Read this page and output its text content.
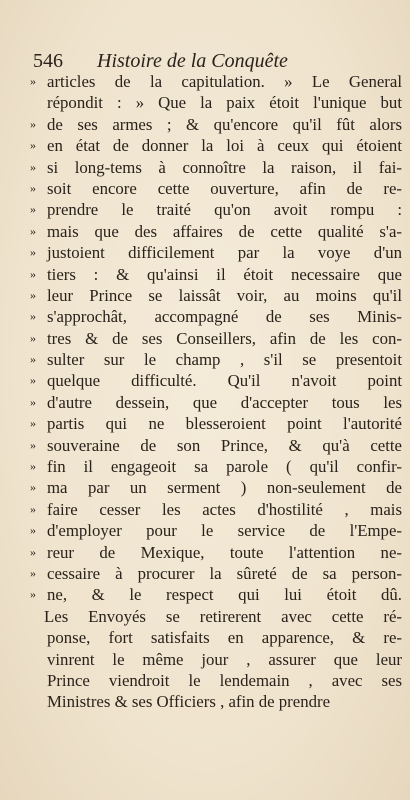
546 Histoire de la Conquête
» articles de la capitulation. » Le General
répondit : » Que la paix étoit l'unique but
» de ses armes ; & qu'encore qu'il fût alors
» en état de donner la loi à ceux qui étoient
» si long-tems à connoître la raison, il fai-
» soit encore cette ouverture, afin de re-
» prendre le traité qu'on avoit rompu :
» mais que des affaires de cette qualité s'a-
» justoient difficilement par la voye d'un
» tiers : & qu'ainsi il étoit necessaire que
» leur Prince se laissât voir, au moins qu'il
» s'approchât, accompagné de ses Minis-
» tres & de ses Conseillers, afin de les con-
» sulter sur le champ , s'il se presentoit
» quelque difficulté. Qu'il n'avoit point
» d'autre dessein, que d'accepter tous les
» partis qui ne blesseroient point l'autorité
» souveraine de son Prince, & qu'à cette
» fin il engageoit sa parole ( qu'il confir-
» ma par un serment ) non-seulement de
» faire cesser les actes d'hostilité , mais
» d'employer pour le service de l'Empe-
» reur de Mexique, toute l'attention ne-
» cessaire à procurer la sûreté de sa person-
» ne, & le respect qui lui étoit dû.
Les Envoyés se retirerent avec cette ré-
ponse, fort satisfaits en apparence, & re-
vinrent le même jour , assurer que leur
Prince viendroit le lendemain , avec ses
Ministres & ses Officiers , afin de prendre
